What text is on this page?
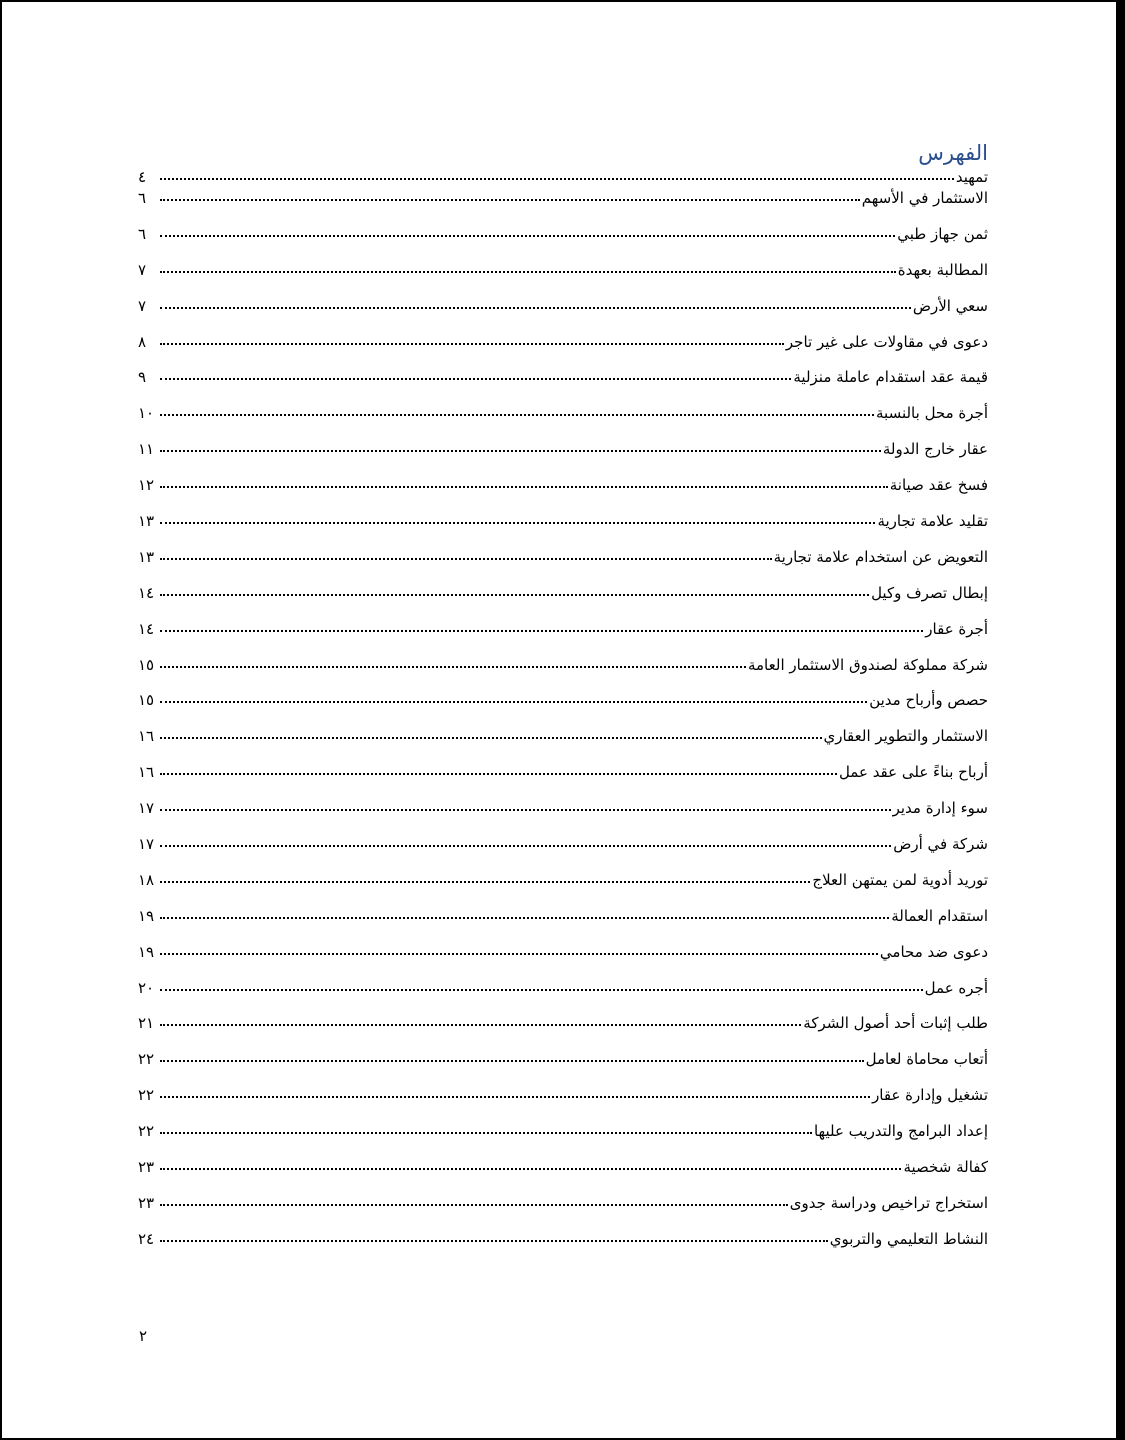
الفهرس
تمهيد
٤
الاستثمار في الأسهم
٦
ثمن جهاز طبي
٦
المطالبة بعهدة
٧
سعي الأرض
٧
دعوى في مقاولات على غير تاجر
٨
قيمة عقد استقدام عاملة منزلية
٩
أجرة محل بالنسبة
١٠
عقار خارج الدولة
١١
فسخ عقد صيانة
١٢
تقليد علامة تجارية
١٣
التعويض عن استخدام علامة تجارية
١٣
إبطال تصرف وكيل
١٤
أجرة عقار
١٤
شركة مملوكة لصندوق الاستثمار العامة
١٥
حصص وأرباح مدين
١٥
الاستثمار والتطوير العقاري
١٦
أرباح بناءً على عقد عمل
١٦
سوء إدارة مدير
١٧
شركة في أرض
١٧
توريد أدوية لمن يمتهن العلاج
١٨
استقدام العمالة
١٩
دعوى ضد محامي
١٩
أجره عمل
٢٠
طلب إثبات أحد أصول الشركة
٢١
أتعاب محاماة لعامل
٢٢
تشغيل وإدارة عقار
٢٢
إعداد البرامج والتدريب عليها
٢٢
كفالة شخصية
٢٣
استخراج تراخيص ودراسة جدوى
٢٣
النشاط التعليمي والتربوي
٢٤
٢
